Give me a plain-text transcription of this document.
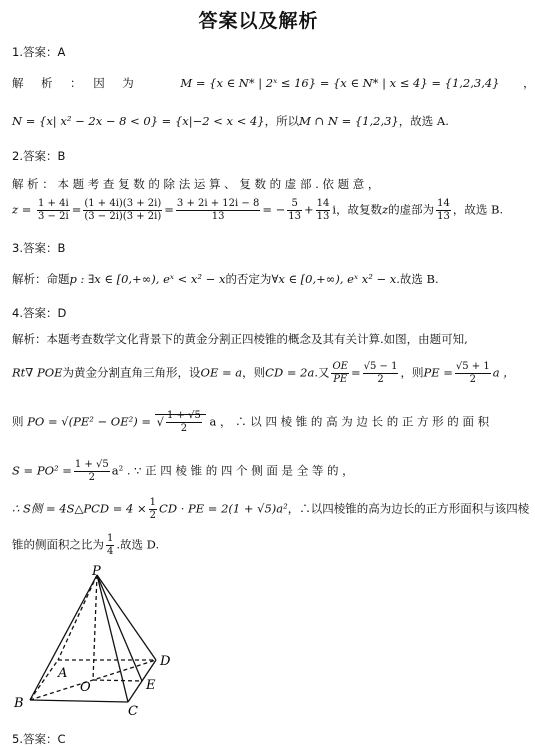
答案以及解析
1.答案：A
解　析　：　因　为	M = {x ∈ N* | 2ˣ ≤ 16} = {x ∈ N* | x ≤ 4} = {1,2,3,4} ，
N = {x| x² − 2x − 8 < 0} = {x|−2 < x < 4}，所以M ∩ N = {1,2,3}，故选 A.
2.答案：B
解 析 ： 本 题 考 查 复 数 的 除 法 运 算 、 复 数 的 虚 部 . 依 题 意 ，
$z = \frac{1 + 4i}{3 - 2i} = \frac{(1 + 4i)(3 + 2i)}{(3 - 2i)(3 + 2i)} = \frac{3 + 2i + 12i - 8}{13}$ = − $\frac{5}{13} + \frac{14}{13}$ i，故复数z的虚部为 $\frac{14}{13}$ ，故选 B.
3.答案：B
解析：命题p : ∃x ∈ [0,+∞), eˣ < x² − x的否定为∀x ∈ [0,+∞), eˣ x² − x.故选 B.
4.答案：D
解析：本题考查数学文化背景下的黄金分割正四棱锥的概念及其有关计算.如图，由题可知,
Rt∇ POE为黄金分割直角三角形，设OE = a，则CD = 2a.又 $\frac{OE}{PE} = \frac{√5 - 1}{2}$ ，则PE = $\frac{√5 + 1}{2}$ a ，
则 PO = √(PE² − OE²) = √ $\frac{1 + √5}{2}$ a ， ∴ 以 四 棱 锥 的 高 为 边 长 的 正 方 形 的 面 积
$S = PO^2 = \frac{1 + √5}{2} a^2$ . ∵ 正 四 棱 锥 的 四 个 侧 面 是 全 等 的 ，
∴ S侧 = 4S△PCD = $4 \times \frac{1}{2}$ CD · PE = 2(1 + √5)a²，∴以四棱锥的高为边长的正方形面积与该四棱
锥的侧面积之比为 $\frac{1}{4}$ .故选 D.
P
A
B
C
D
E
O
5.答案：C
